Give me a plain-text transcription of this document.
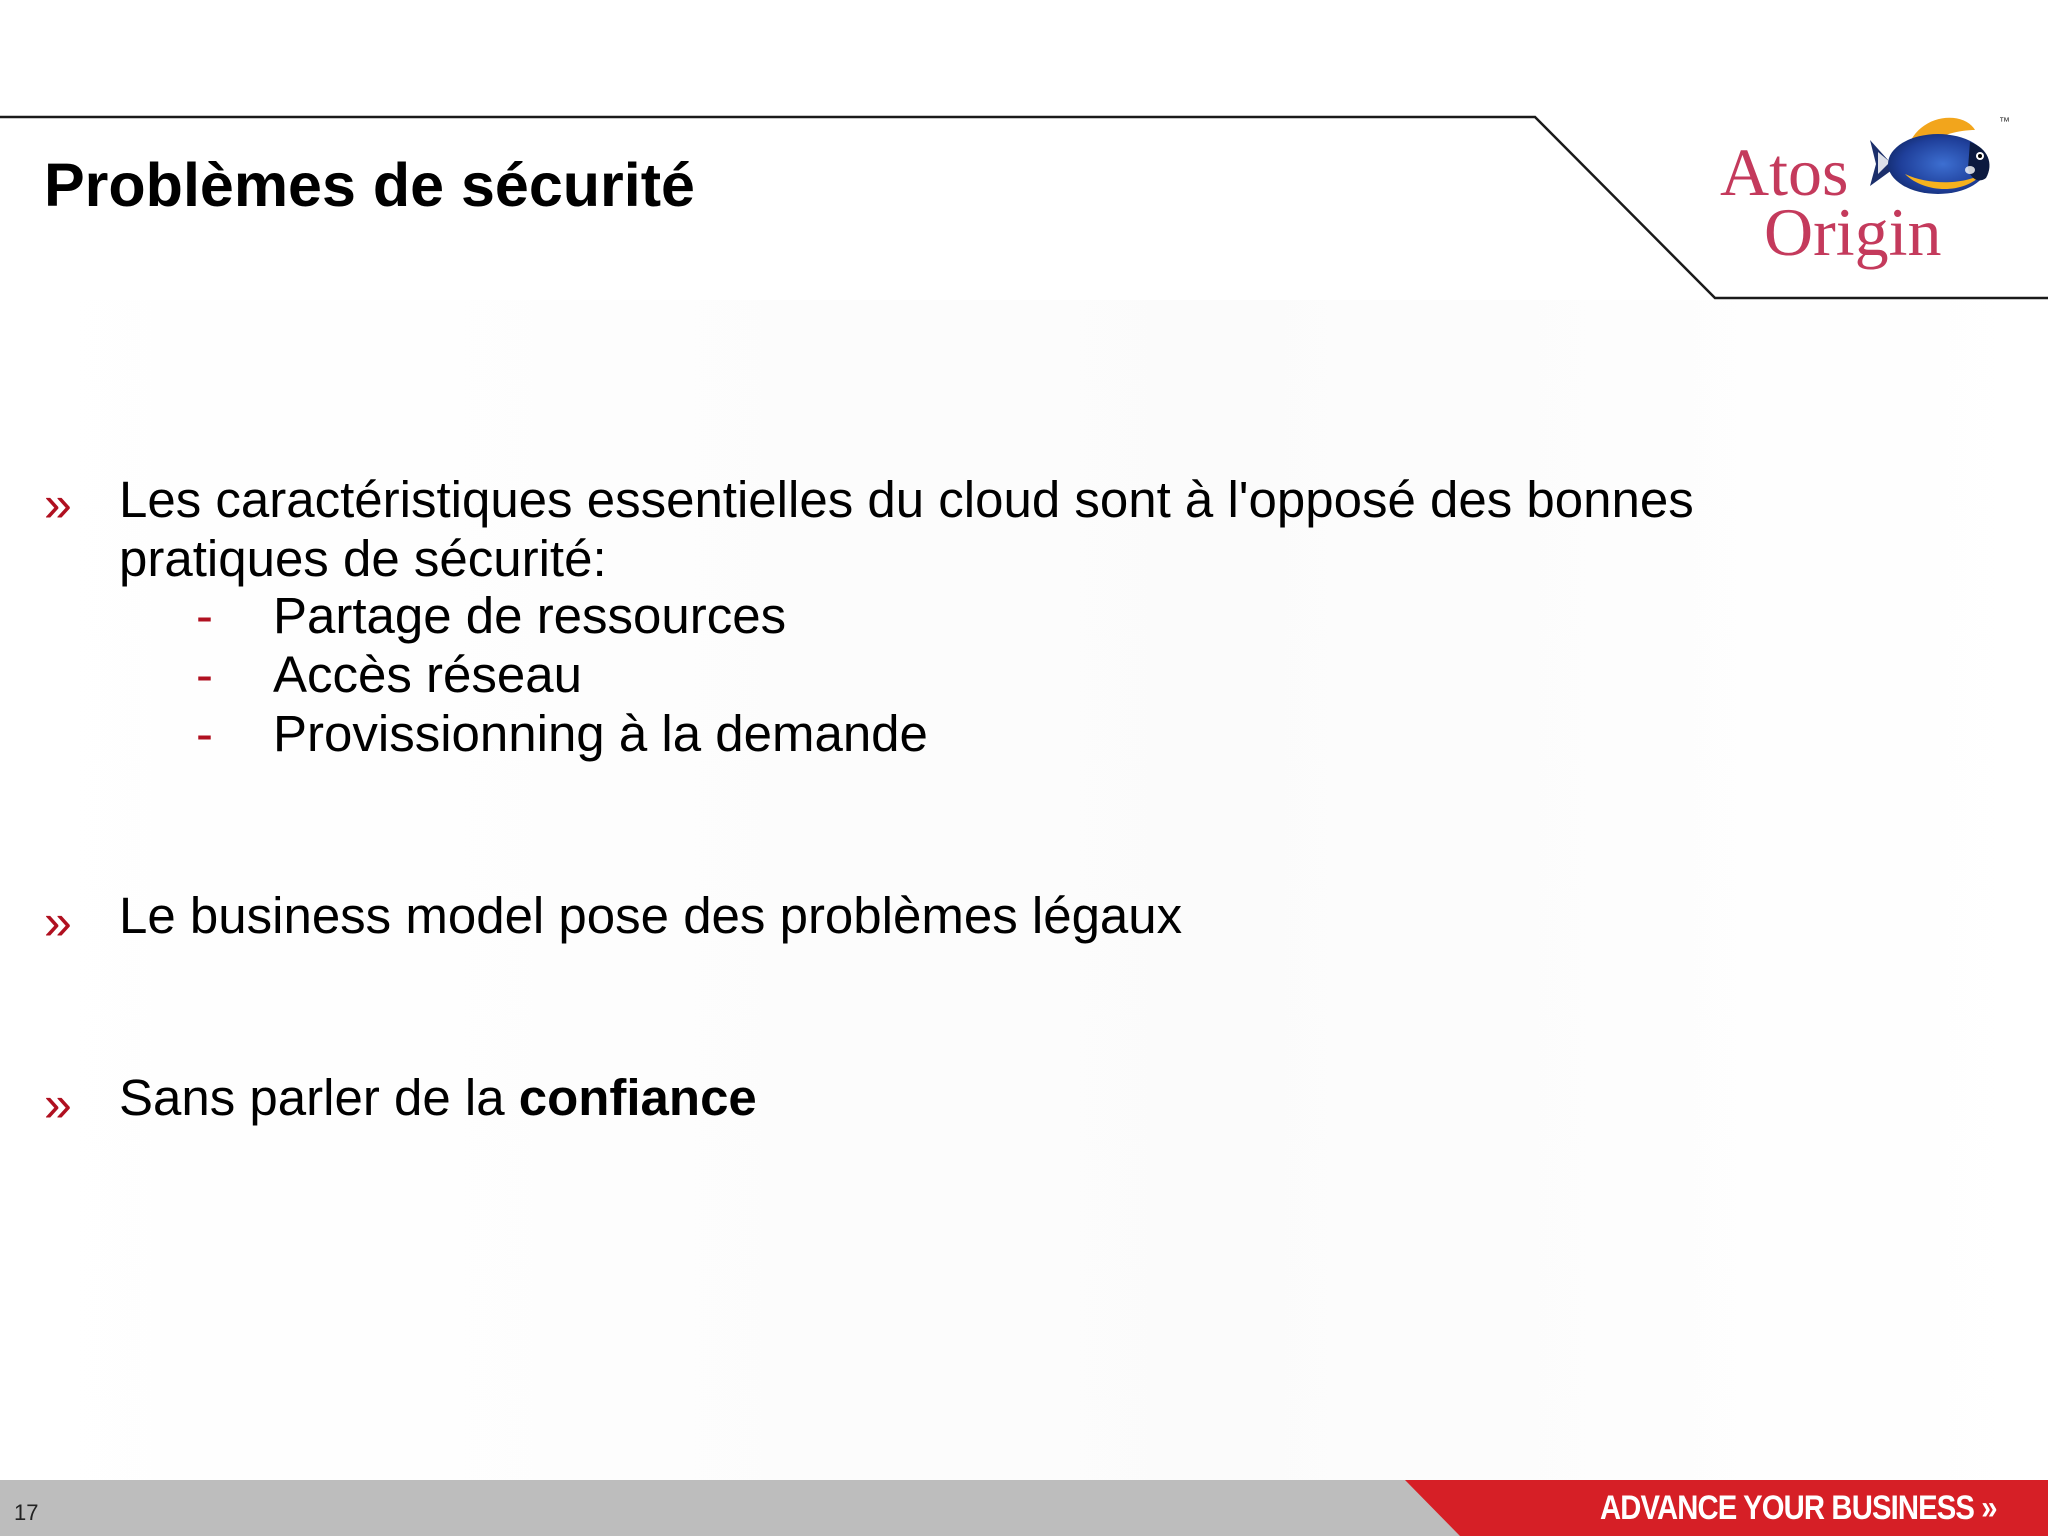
Problèmes de sécurité	Atos
Origin
™
» Les caractéristiques essentielles du cloud sont à l'opposé des bonnes
pratiques de sécurité:
- Partage de ressources
- Accès réseau
- Provissionning à la demande
» Le business model pose des problèmes légaux
» Sans parler de la confiance
17	ADVANCE YOUR BUSINESS »
